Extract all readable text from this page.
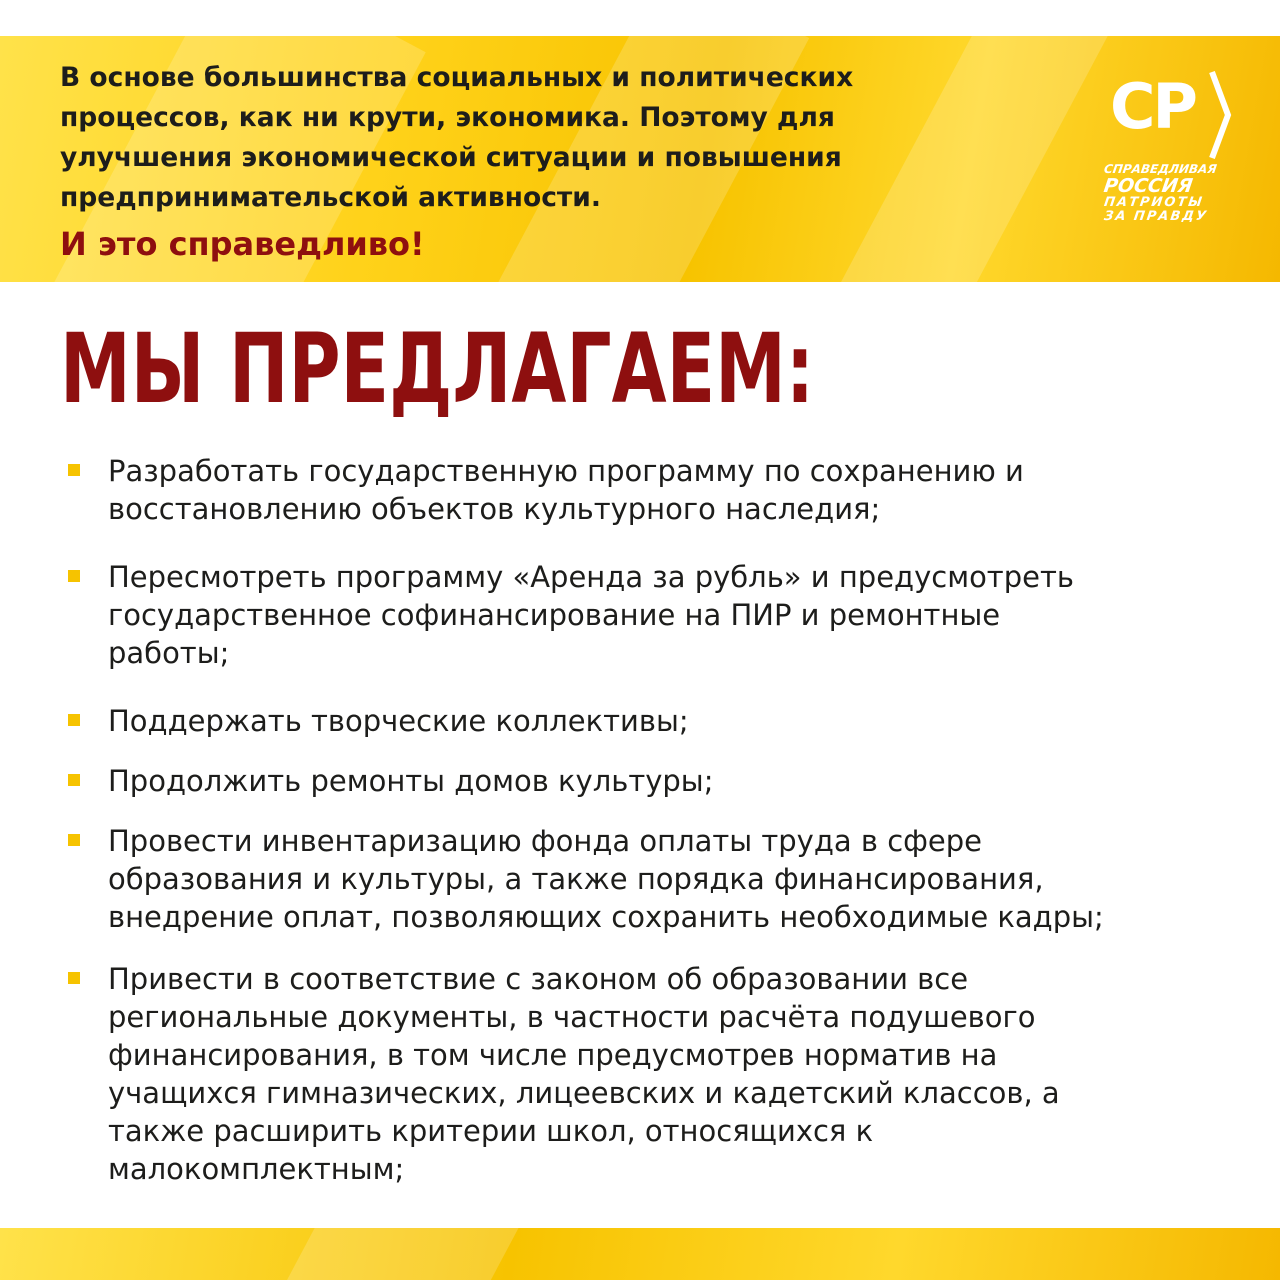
В основе большинства социальных и политических
процессов, как ни крути, экономика. Поэтому для
улучшения экономической ситуации и повышения
предпринимательской активности.
И это справедливо!
СР
СПРАВЕДЛИВАЯ
РОССИЯ
ПАТРИОТЫ
ЗА ПРАВДУ
МЫ ПРЕДЛАГАЕМ:
Разработать государственную программу по сохранению и
восстановлению объектов культурного наследия;
Пересмотреть программу «Аренда за рубль» и предусмотреть
государственное софинансирование на ПИР и ремонтные
работы;
Поддержать творческие коллективы;
Продолжить ремонты домов культуры;
Провести инвентаризацию фонда оплаты труда в сфере
образования и культуры, а также порядка финансирования,
внедрение оплат, позволяющих сохранить необходимые кадры;
Привести в соответствие с законом об образовании все
региональные документы, в частности расчёта подушевого
финансирования, в том числе предусмотрев норматив на
учащихся гимназических, лицеевских и кадетский классов, а
также расширить критерии школ, относящихся к
малокомплектным;
